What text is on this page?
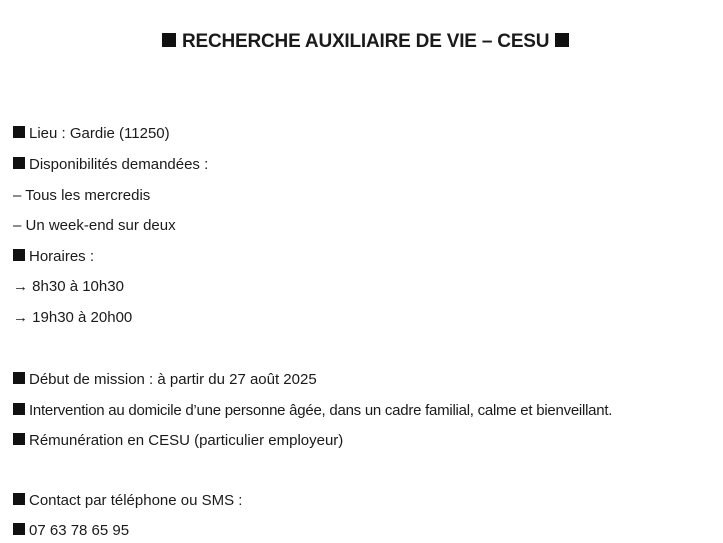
RECHERCHE AUXILIAIRE DE VIE – CESU
Lieu : Gardie (11250)
Disponibilités demandées :
– Tous les mercredis
– Un week-end sur deux
Horaires :
→ 8h30 à 10h30
→ 19h30 à 20h00
Début de mission : à partir du 27 août 2025
Intervention au domicile d’une personne âgée, dans un cadre familial, calme et bienveillant.
Rémunération en CESU (particulier employeur)
Contact par téléphone ou SMS :
07 63 78 65 95
